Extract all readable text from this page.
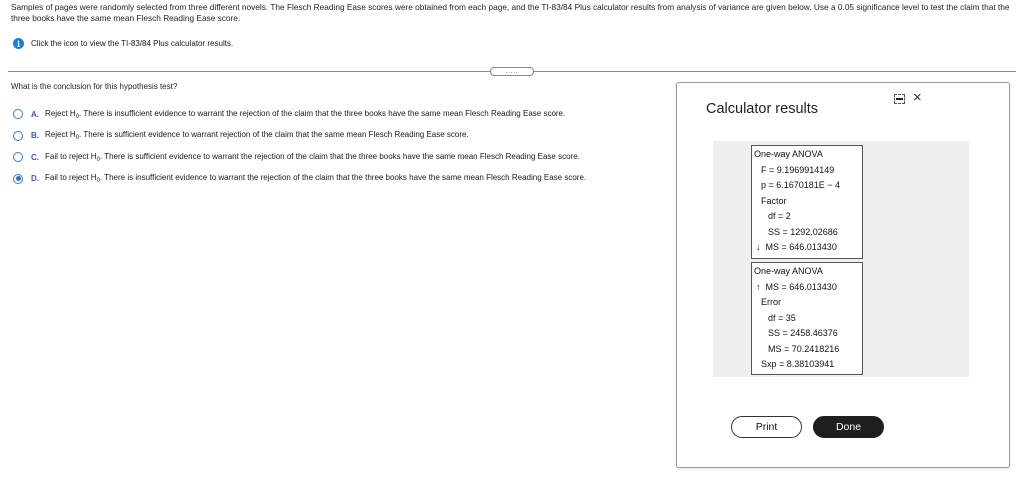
Samples of pages were randomly selected from three different novels. The Flesch Reading Ease scores were obtained from each page, and the TI-83/84 Plus calculator results from analysis of variance are given below. Use a 0.05 significance level to test the claim that the three books have the same mean Flesch Reading Ease score.
i	Click the icon to view the TI-83/84 Plus calculator results.
.....
What is the conclusion for this hypothesis test?
A. Reject $H_0$. There is insufficient evidence to warrant the rejection of the claim that the three books have the same mean Flesch Reading Ease score.
B. Reject $H_0$. There is sufficient evidence to warrant rejection of the claim that the same mean Flesch Reading Ease score.
C. Fail to reject $H_0$. There is sufficient evidence to warrant the rejection of the claim that the three books have the same mean Flesch Reading Ease score.
D. Fail to reject $H_0$. There is insufficient evidence to warrant the rejection of the claim that the three books have the same mean Flesch Reading Ease score.
Calculator results
×
One-way ANOVA
F = 9.1969914149
p = 6.1670181E − 4
Factor
df = 2
SS = 1292.02686
↓ MS = 646.013430
One-way ANOVA
↑ MS = 646.013430
Error
df = 35
SS = 2458.46376
MS = 70.2418216
Sxp = 8.38103941
Print	Done
